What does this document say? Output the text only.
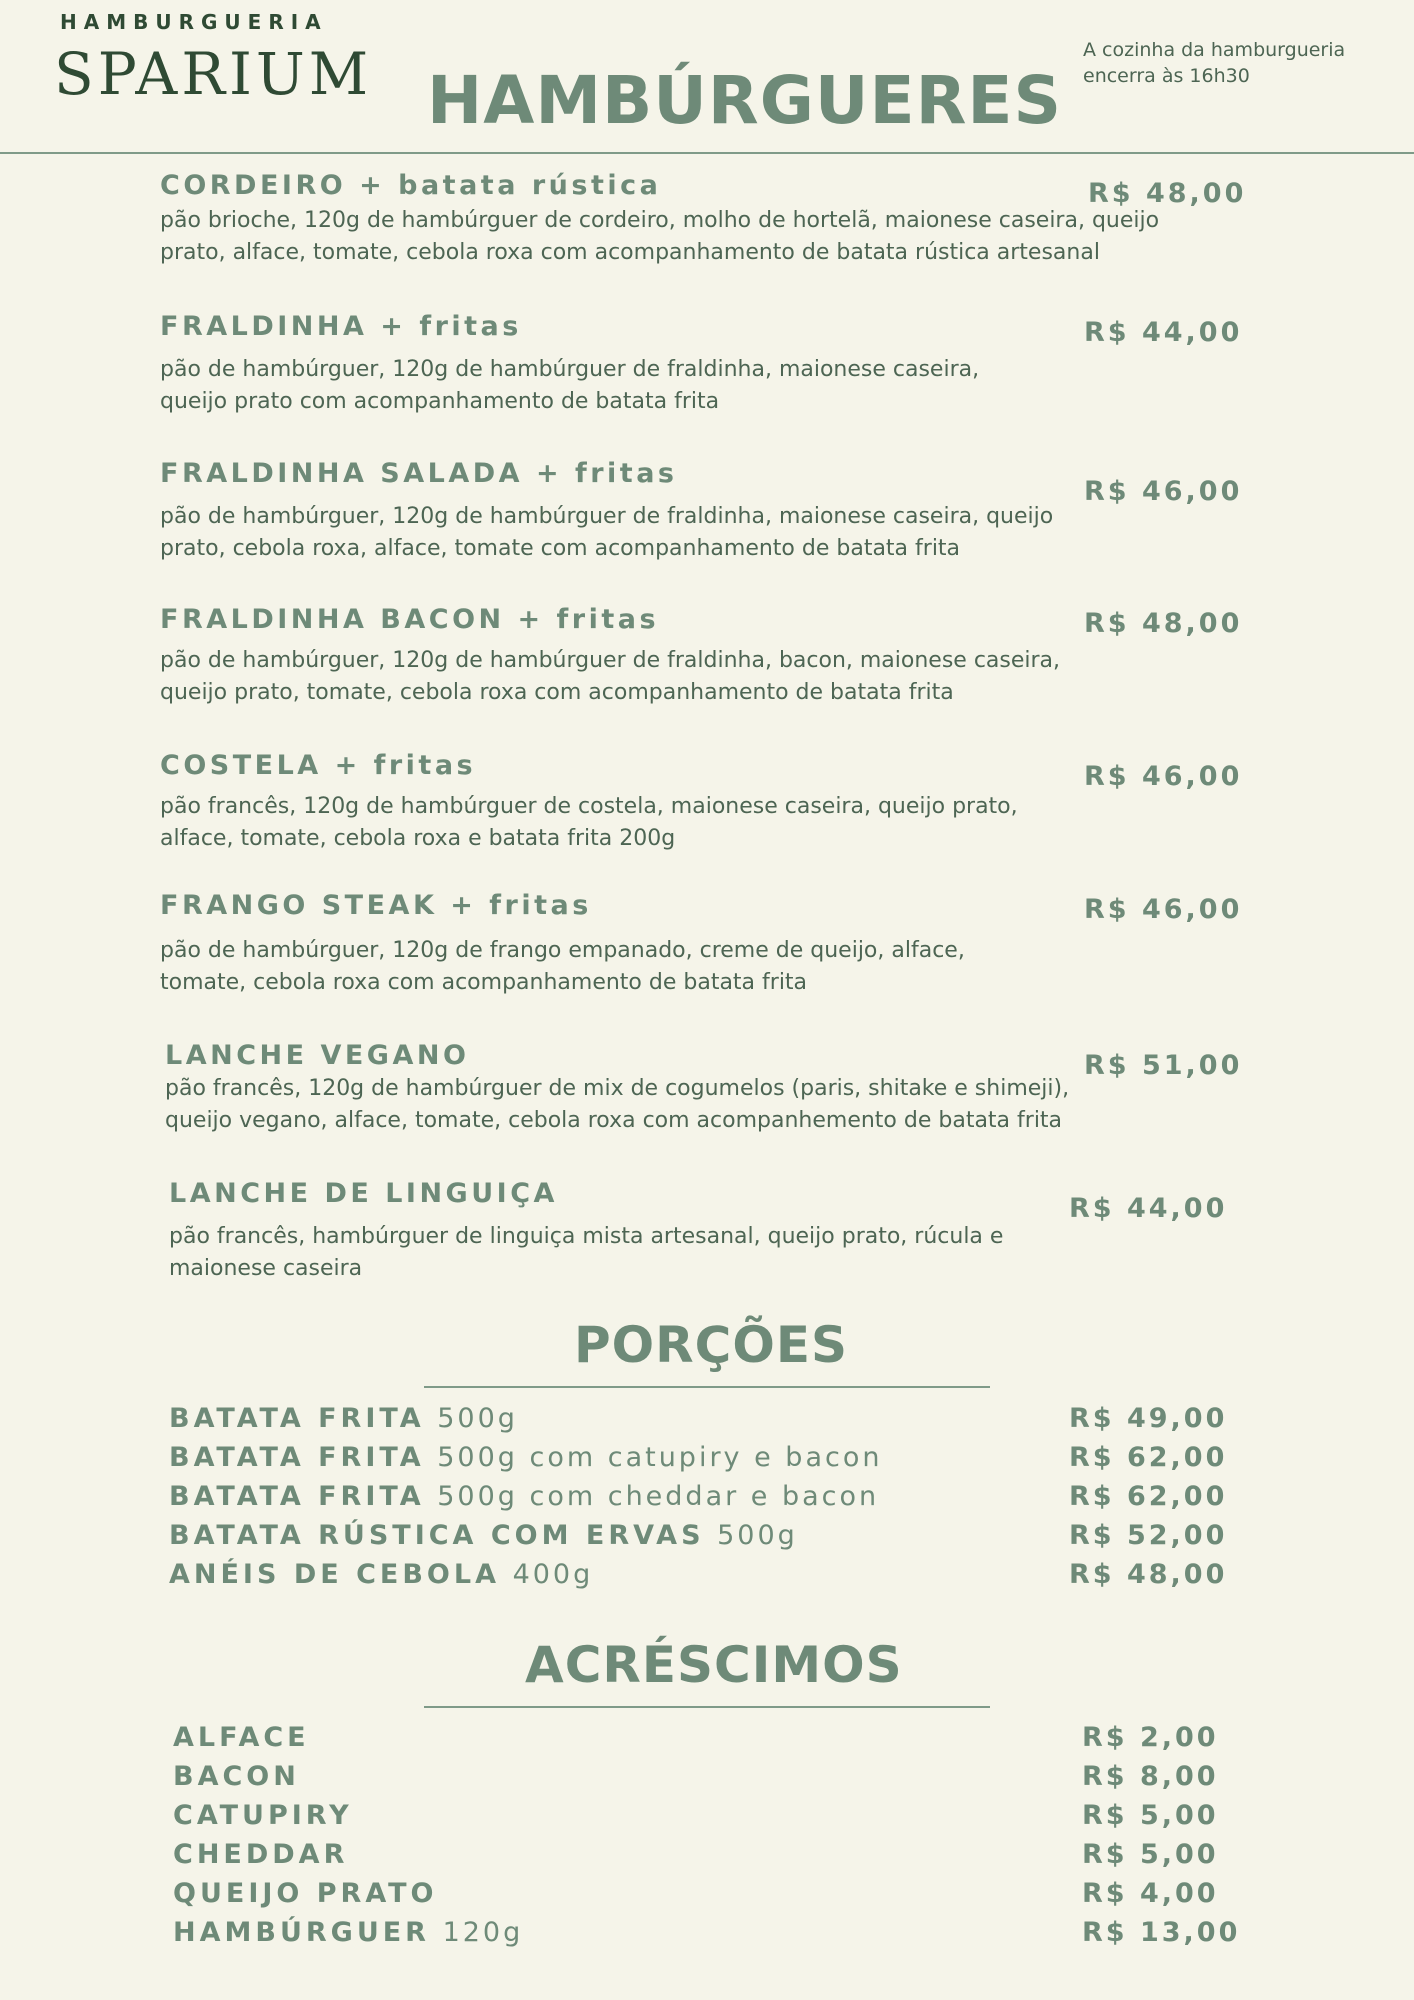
HAMBURGUERIA
SPARIUM	A cozinha da hamburgueria
encerra às 16h30
HAMBÚRGUERES
CORDEIRO + batata rústica
pão brioche, 120g de hambúrguer de cordeiro, molho de hortelã, maionese caseira, queijo
prato, alface, tomate, cebola roxa com acompanhamento de batata rústica artesanal
R$ 48,00
FRALDINHA + fritas
pão de hambúrguer, 120g de hambúrguer de fraldinha, maionese caseira,
queijo prato com acompanhamento de batata frita
R$ 44,00
FRALDINHA SALADA + fritas
pão de hambúrguer, 120g de hambúrguer de fraldinha, maionese caseira, queijo
prato, cebola roxa, alface, tomate com acompanhamento de batata frita
R$ 46,00
FRALDINHA BACON + fritas
pão de hambúrguer, 120g de hambúrguer de fraldinha, bacon, maionese caseira,
queijo prato, tomate, cebola roxa com acompanhamento de batata frita
R$ 48,00
COSTELA + fritas
pão francês, 120g de hambúrguer de costela, maionese caseira, queijo prato,
alface, tomate, cebola roxa e batata frita 200g
R$ 46,00
FRANGO STEAK + fritas
pão de hambúrguer, 120g de frango empanado, creme de queijo, alface,
tomate, cebola roxa com acompanhamento de batata frita
R$ 46,00
LANCHE VEGANO
pão francês, 120g de hambúrguer de mix de cogumelos (paris, shitake e shimeji),
queijo vegano, alface, tomate, cebola roxa com acompanhemento de batata frita
R$ 51,00
LANCHE DE LINGUIÇA
pão francês, hambúrguer de linguiça mista artesanal, queijo prato, rúcula e
maionese caseira
R$ 44,00
PORÇÕES
BATATA FRITA 500g	R$ 49,00
BATATA FRITA 500g com catupiry e bacon	R$ 62,00
BATATA FRITA 500g com cheddar e bacon	R$ 62,00
BATATA RÚSTICA COM ERVAS 500g	R$ 52,00
ANÉIS DE CEBOLA 400g	R$ 48,00
ACRÉSCIMOS
ALFACE	R$ 2,00
BACON	R$ 8,00
CATUPIRY	R$ 5,00
CHEDDAR	R$ 5,00
QUEIJO PRATO	R$ 4,00
HAMBÚRGUER 120g	R$ 13,00
